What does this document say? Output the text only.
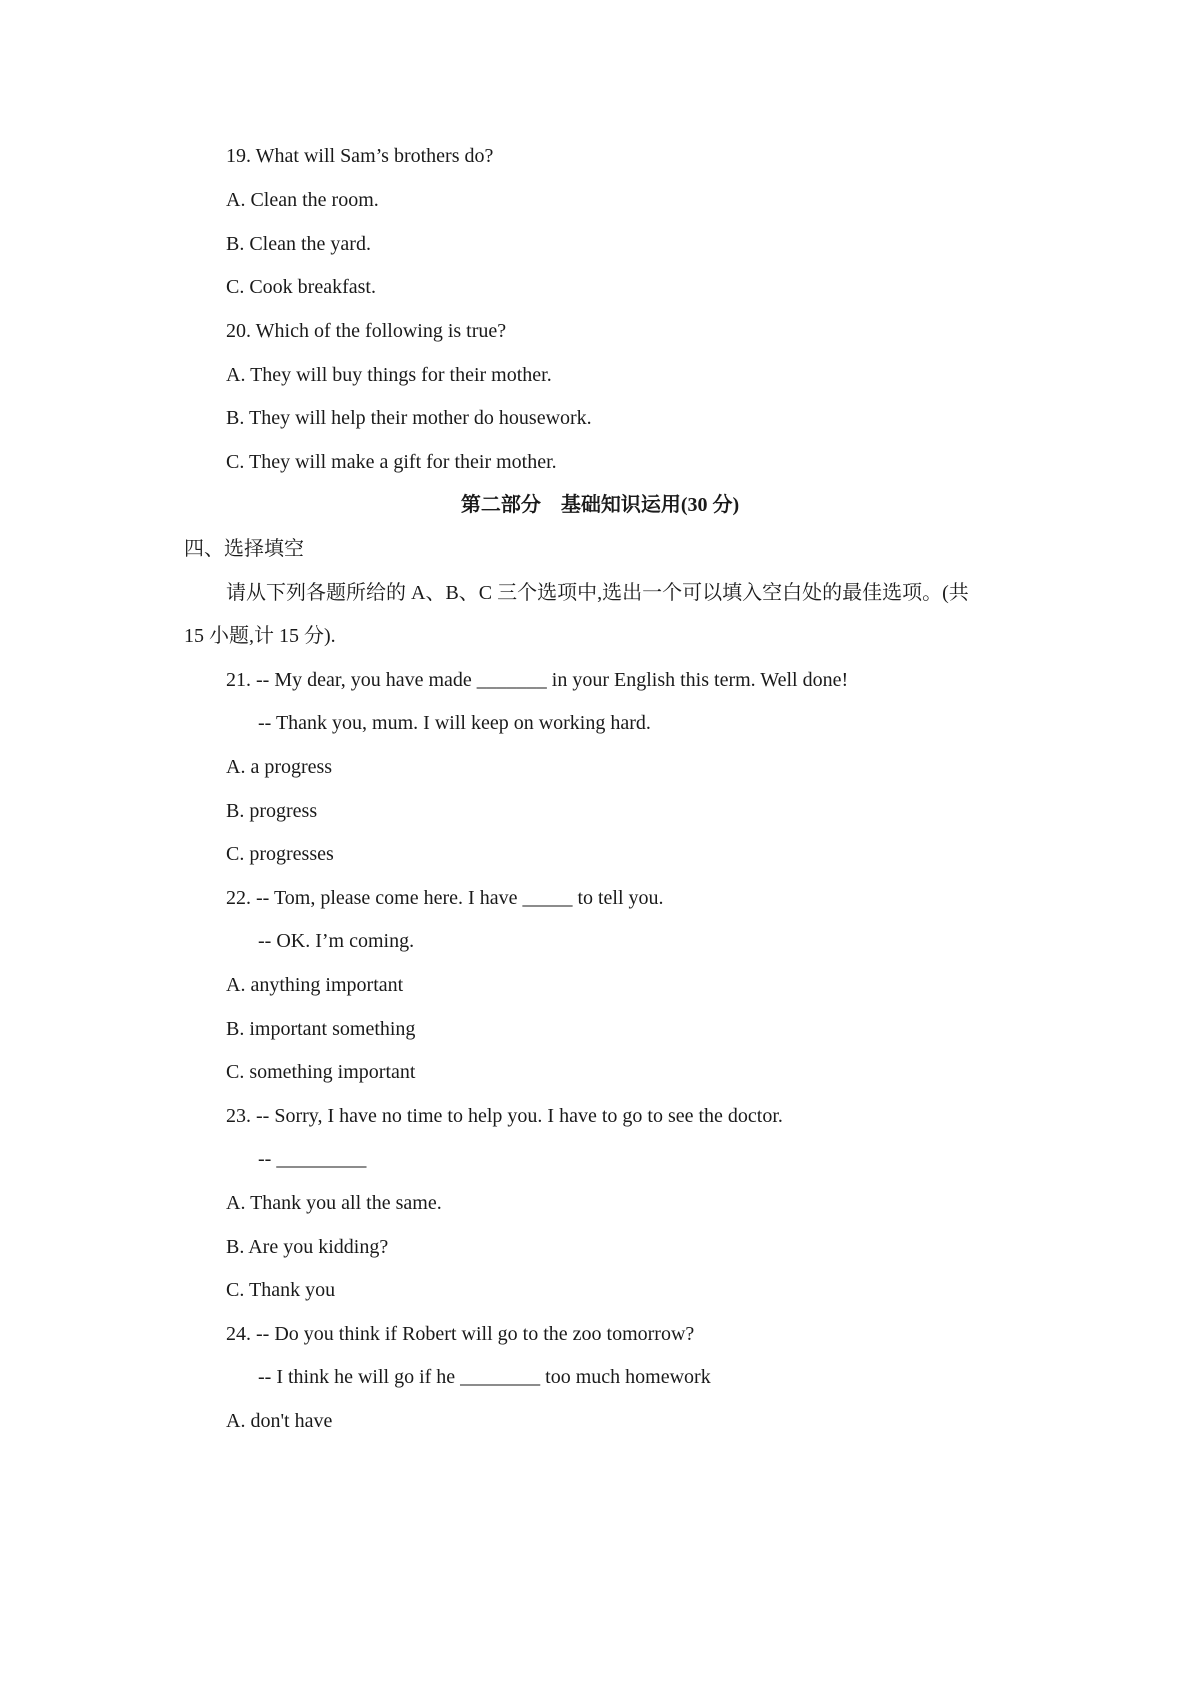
19. What will Sam’s brothers do?
A. Clean the room.
B. Clean the yard.
C. Cook breakfast.
20. Which of the following is true?
A. They will buy things for their mother.
B. They will help their mother do housework.
C. They will make a gift for their mother.
第二部分　基础知识运用(30 分)
四、选择填空
请从下列各题所给的 A、B、C 三个选项中,选出一个可以填入空白处的最佳选项。(共
15 小题,计 15 分).
21. -- My dear, you have made _______ in your English this term. Well done!
-- Thank you, mum. I will keep on working hard.
A. a progress
B. progress
C. progresses
22. -- Tom, please come here. I have _____ to tell you.
-- OK. I’m coming.
A. anything important
B. important something
C. something important
23. -- Sorry, I have no time to help you. I have to go to see the doctor.
-- _________
A. Thank you all the same.
B. Are you kidding?
C. Thank you
24. -- Do you think if Robert will go to the zoo tomorrow?
-- I think he will go if he ________ too much homework
A. don't have
